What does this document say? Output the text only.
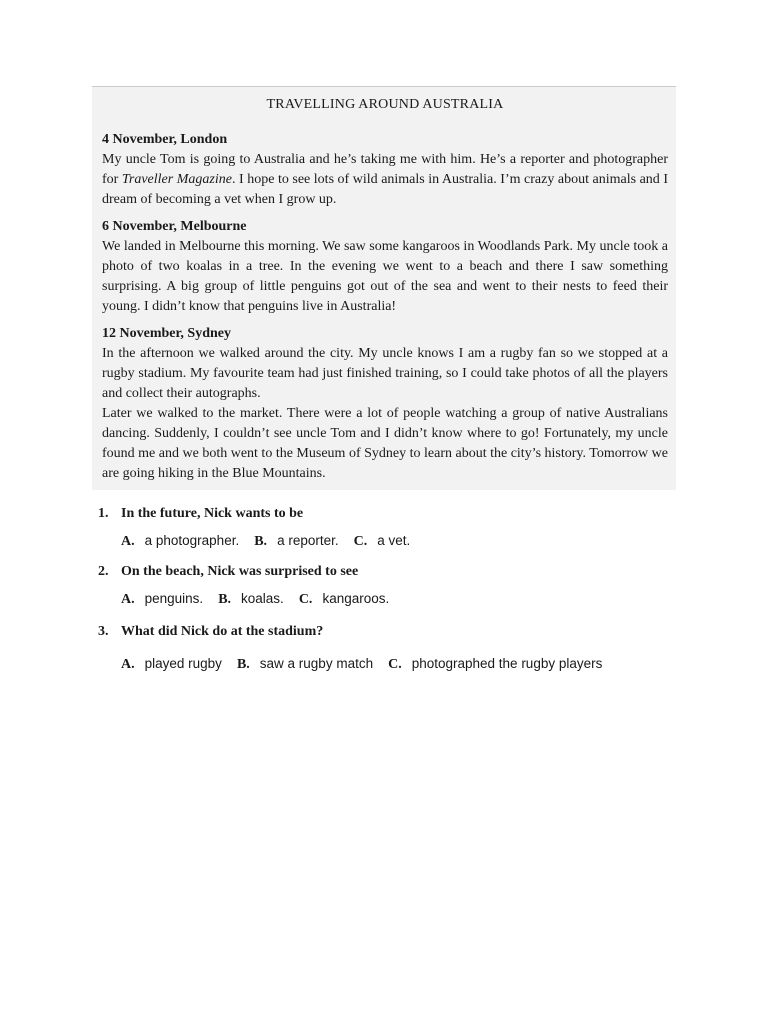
TRAVELLING AROUND AUSTRALIA
4 November, London

My uncle Tom is going to Australia and he’s taking me with him. He’s a reporter and photographer for Traveller Magazine. I hope to see lots of wild animals in Australia. I’m crazy about animals and I dream of becoming a vet when I grow up.

6 November, Melbourne

We landed in Melbourne this morning. We saw some kangaroos in Woodlands Park. My uncle took a photo of two koalas in a tree. In the evening we went to a beach and there I saw something surprising. A big group of little penguins got out of the sea and went to their nests to feed their young. I didn’t know that penguins live in Australia!

12 November, Sydney

In the afternoon we walked around the city. My uncle knows I am a rugby fan so we stopped at a rugby stadium. My favourite team had just finished training, so I could take photos of all the players and collect their autographs.

Later we walked to the market. There were a lot of people watching a group of native Australians dancing. Suddenly, I couldn’t see uncle Tom and I didn’t know where to go! Fortunately, my uncle found me and we both went to the Museum of Sydney to learn about the city’s history. Tomorrow we are going hiking in the Blue Mountains.

1. In the future, Nick wants to be
A. a photographer. B. a reporter. C. a vet.
2. On the beach, Nick was surprised to see
A. penguins. B. koalas. C. kangaroos.
3. What did Nick do at the stadium?
A. played rugby B. saw a rugby match C. photographed the rugby players
